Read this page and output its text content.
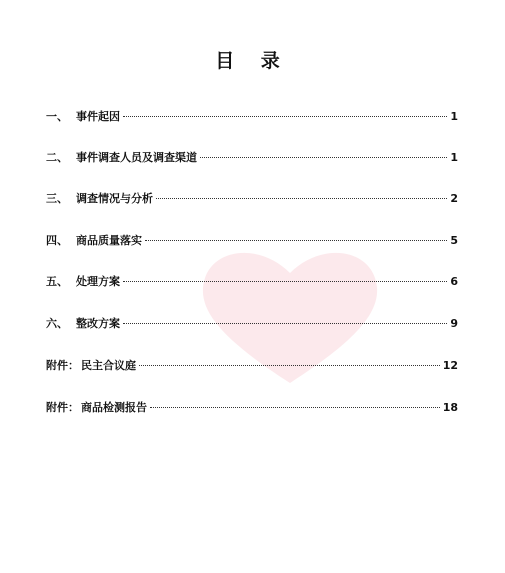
目 录
一、 事件起因	1
二、 事件调查人员及调查渠道	1
三、 调查情况与分析	2
四、 商品质量落实	5
五、 处理方案	6
六、 整改方案	9
附件： 民主合议庭	12
附件： 商品检测报告	18
